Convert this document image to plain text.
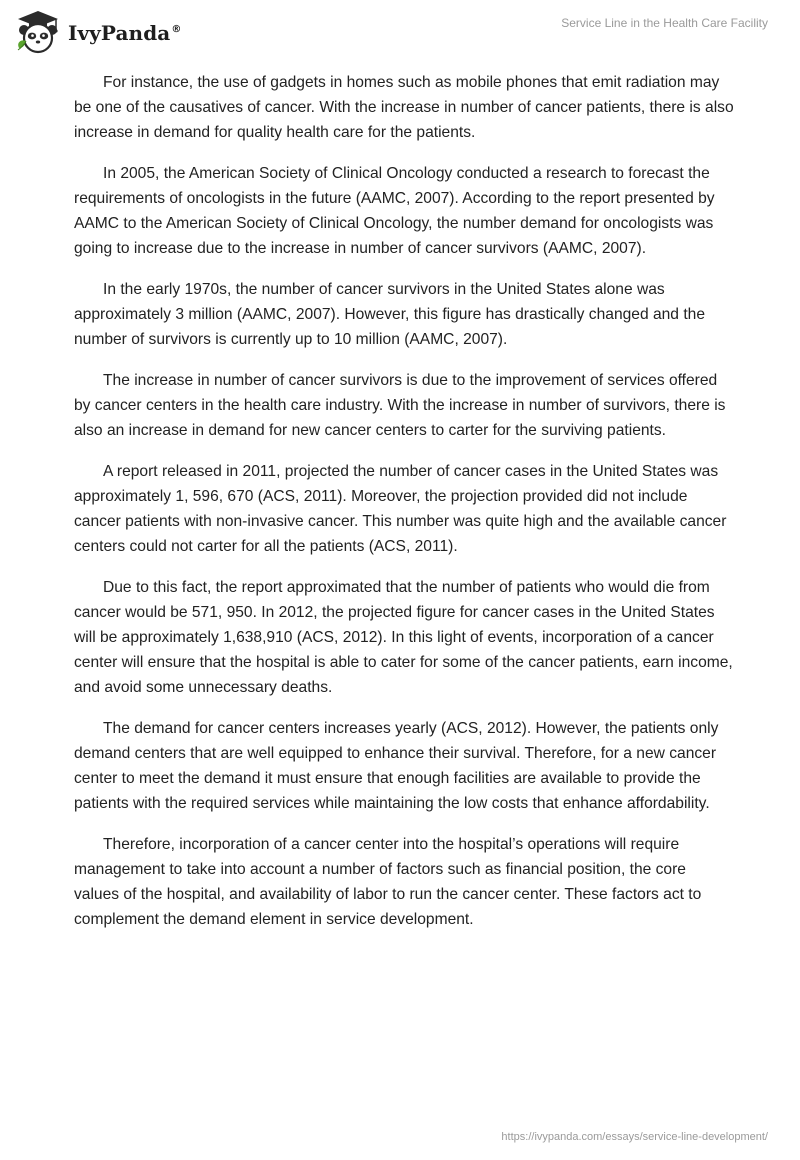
IvyPanda®	Service Line in the Health Care Facility

For instance, the use of gadgets in homes such as mobile phones that emit radiation may be one of the causatives of cancer. With the increase in number of cancer patients, there is also increase in demand for quality health care for the patients.

In 2005, the American Society of Clinical Oncology conducted a research to forecast the requirements of oncologists in the future (AAMC, 2007). According to the report presented by AAMC to the American Society of Clinical Oncology, the number demand for oncologists was going to increase due to the increase in number of cancer survivors (AAMC, 2007).

In the early 1970s, the number of cancer survivors in the United States alone was approximately 3 million (AAMC, 2007). However, this figure has drastically changed and the number of survivors is currently up to 10 million (AAMC, 2007).

The increase in number of cancer survivors is due to the improvement of services offered by cancer centers in the health care industry. With the increase in number of survivors, there is also an increase in demand for new cancer centers to carter for the surviving patients.

A report released in 2011, projected the number of cancer cases in the United States was approximately 1, 596, 670 (ACS, 2011). Moreover, the projection provided did not include cancer patients with non-invasive cancer. This number was quite high and the available cancer centers could not carter for all the patients (ACS, 2011).

Due to this fact, the report approximated that the number of patients who would die from cancer would be 571, 950. In 2012, the projected figure for cancer cases in the United States will be approximately 1,638,910 (ACS, 2012). In this light of events, incorporation of a cancer center will ensure that the hospital is able to cater for some of the cancer patients, earn income, and avoid some unnecessary deaths.

The demand for cancer centers increases yearly (ACS, 2012). However, the patients only demand centers that are well equipped to enhance their survival. Therefore, for a new cancer center to meet the demand it must ensure that enough facilities are available to provide the patients with the required services while maintaining the low costs that enhance affordability.

Therefore, incorporation of a cancer center into the hospital’s operations will require management to take into account a number of factors such as financial position, the core values of the hospital, and availability of labor to run the cancer center. These factors act to complement the demand element in service development.

https://ivypanda.com/essays/service-line-development/
